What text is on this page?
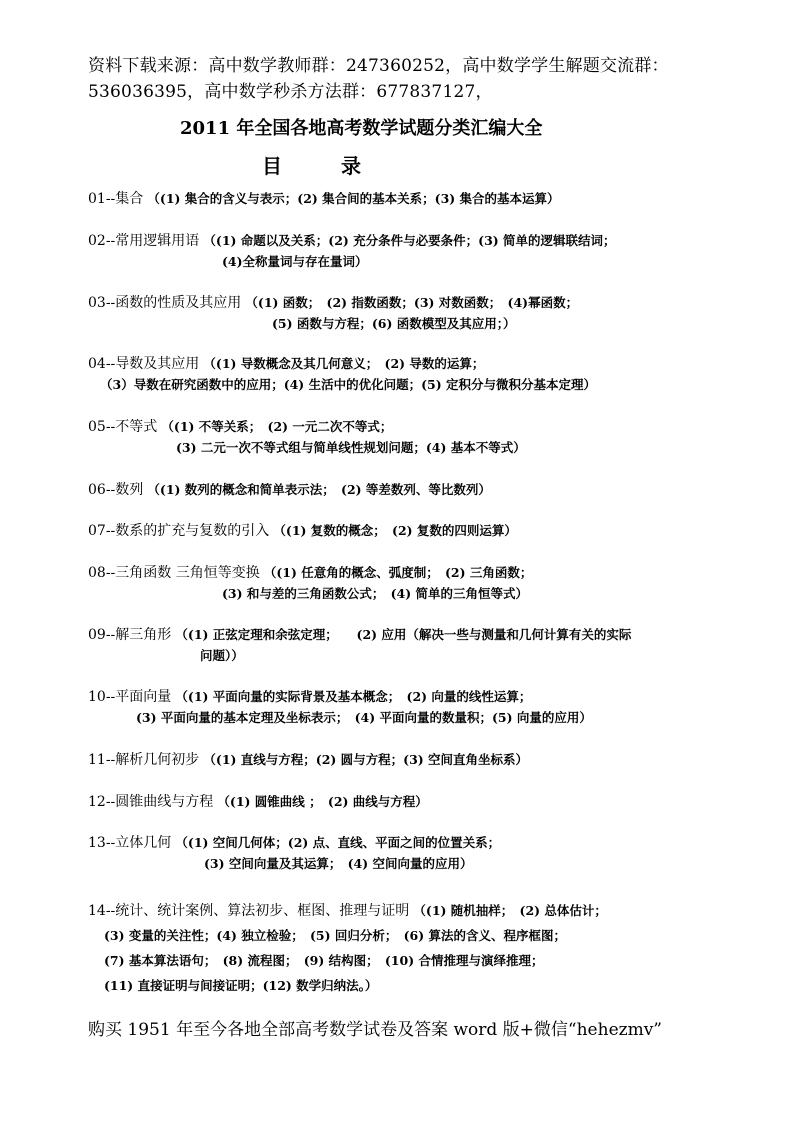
资料下载来源：高中数学教师群：247360252，高中数学学生解题交流群：
536036395，高中数学秒杀方法群：677837127，
2011 年全国各地高考数学试题分类汇编大全
目 录
01--集合 （(1) 集合的含义与表示；(2) 集合间的基本关系；(3) 集合的基本运算）
02--常用逻辑用语 （(1) 命题以及关系；(2) 充分条件与必要条件；(3) 简单的逻辑联结词；
(4)全称量词与存在量词）
03--函数的性质及其应用 （(1) 函数；　(2) 指数函数；(3) 对数函数；　(4)幂函数；
(5) 函数与方程；(6) 函数模型及其应用；）
04--导数及其应用 （(1) 导数概念及其几何意义；　(2) 导数的运算；
（3）导数在研究函数中的应用；(4) 生活中的优化问题；(5) 定积分与微积分基本定理）
05--不等式 （(1) 不等关系；　(2) 一元二次不等式；
(3) 二元一次不等式组与简单线性规划问题；(4) 基本不等式）
06--数列 （(1) 数列的概念和简单表示法；　(2) 等差数列、等比数列）
07--数系的扩充与复数的引入 （(1) 复数的概念；　(2) 复数的四则运算）
08--三角函数 三角恒等变换 （(1) 任意角的概念、弧度制；　(2) 三角函数；
(3) 和与差的三角函数公式；　(4) 简单的三角恒等式）
09--解三角形 （(1) 正弦定理和余弦定理；　　(2) 应用（解决一些与测量和几何计算有关的实际
问题））
10--平面向量 （(1) 平面向量的实际背景及基本概念；　(2) 向量的线性运算；
(3) 平面向量的基本定理及坐标表示；　(4) 平面向量的数量积；(5) 向量的应用）
11--解析几何初步 （(1) 直线与方程；(2) 圆与方程；(3) 空间直角坐标系）
12--圆锥曲线与方程 （(1) 圆锥曲线 ；　(2) 曲线与方程）
13--立体几何 （(1) 空间几何体；(2) 点、直线、平面之间的位置关系；
(3) 空间向量及其运算；　(4) 空间向量的应用）
14--统计、统计案例、算法初步、框图、推理与证明 （(1) 随机抽样；　(2) 总体估计；
(3) 变量的关注性；(4) 独立检验；　(5) 回归分析；　(6) 算法的含义、程序框图；
(7) 基本算法语句；　(8) 流程图；　(9) 结构图；　(10) 合情推理与演绎推理；
(11) 直接证明与间接证明；(12) 数学归纳法。）
购买 1951 年至今各地全部高考数学试卷及答案 word 版+微信“hehezmv”
